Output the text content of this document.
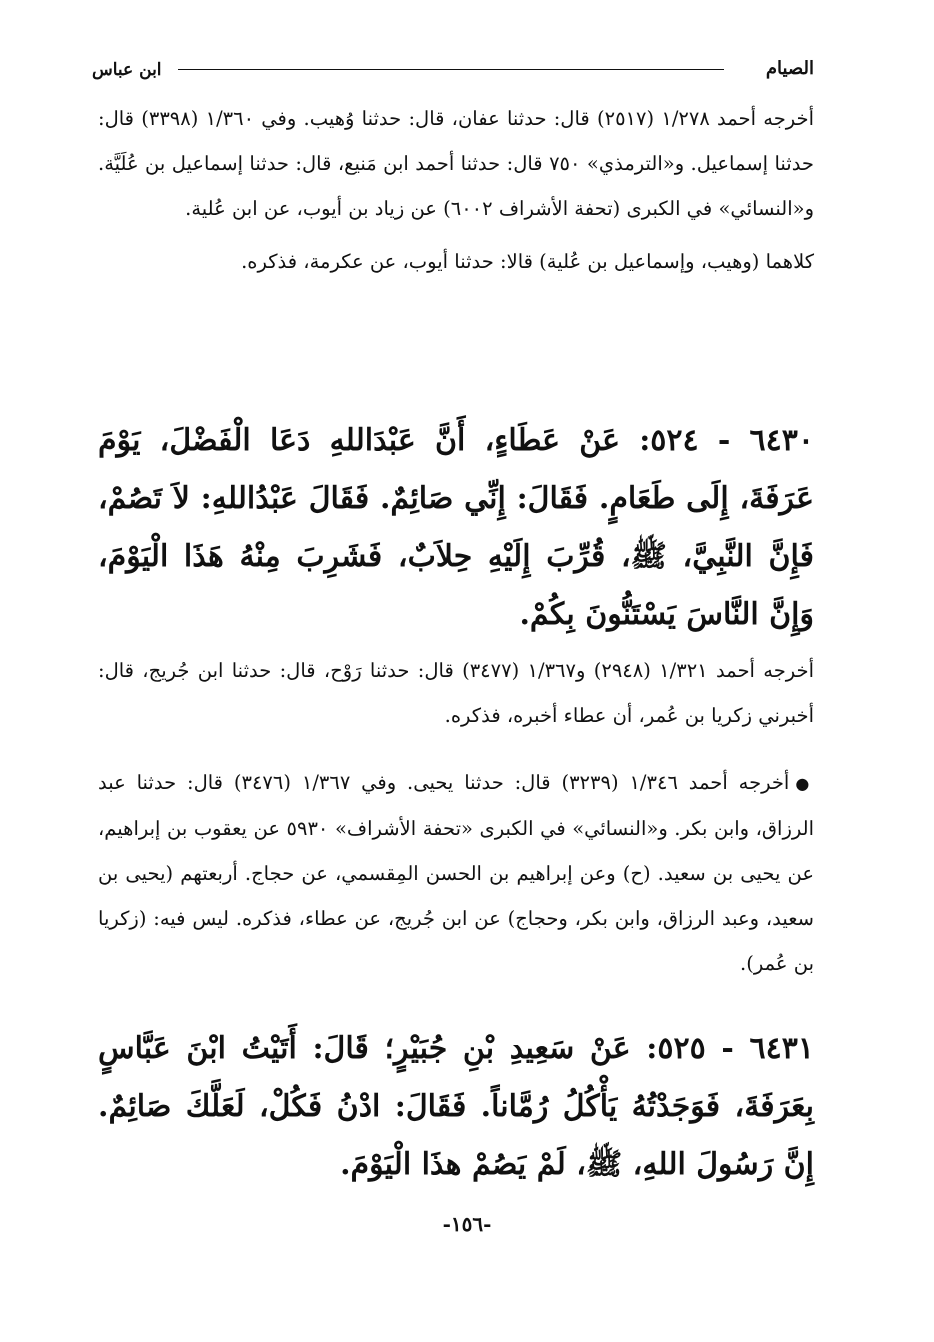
ابن عباس	الصيام

أخرجه أحمد ١/٢٧٨ (٢٥١٧) قال: حدثنا عفان، قال: حدثنا وُهيب. وفي ١/٣٦٠ (٣٣٩٨) قال: حدثنا إسماعيل. و«الترمذي» ٧٥٠ قال: حدثنا أحمد ابن مَنيع، قال: حدثنا إسماعيل بن عُلَيَّة. و«النسائي» في الكبرى (تحفة الأشراف ٦٠٠٢) عن زياد بن أيوب، عن ابن عُلية.

كلاهما (وهيب، وإسماعيل بن عُلية) قالا: حدثنا أيوب، عن عكرمة، فذكره.

٦٤٣٠ - ٥٢٤: عَنْ عَطَاءٍ، أَنَّ عَبْدَاللهِ دَعَا الْفَضْلَ، يَوْمَ عَرَفَةَ، إِلَى طَعَامٍ. فَقَالَ: إِنِّي صَائِمٌ. فَقَالَ عَبْدُاللهِ: لاَ تَصُمْ، فَإِنَّ النَّبِيَّ، ﷺ، قُرِّبَ إِلَيْهِ حِلاَبٌ، فَشَرِبَ مِنْهُ هَذَا الْيَوْمَ، وَإِنَّ النَّاسَ يَسْتَنُّونَ بِكُمْ.

أخرجه أحمد ١/٣٢١ (٢٩٤٨) و١/٣٦٧ (٣٤٧٧) قال: حدثنا رَوْح، قال: حدثنا ابن جُريج، قال: أخبرني زكريا بن عُمر، أن عطاء أخبره، فذكره.

●أخرجه أحمد ١/٣٤٦ (٣٢٣٩) قال: حدثنا يحيى. وفي ١/٣٦٧ (٣٤٧٦) قال: حدثنا عبد الرزاق، وابن بكر. و«النسائي» في الكبرى «تحفة الأشراف» ٥٩٣٠ عن يعقوب بن إبراهيم، عن يحيى بن سعيد. (ح) وعن إبراهيم بن الحسن المِقسمي، عن حجاج. أربعتهم (يحيى بن سعيد، وعبد الرزاق، وابن بكر، وحجاج) عن ابن جُريج، عن عطاء، فذكره. ليس فيه: (زكريا بن عُمر).

٦٤٣١ - ٥٢٥: عَنْ سَعِيدِ بْنِ جُبَيْرٍ؛ قَالَ: أَتَيْتُ ابْنَ عَبَّاسٍ بِعَرَفَةَ، فَوَجَدْتُهُ يَأْكُلُ رُمَّاناً. فَقَالَ: ادْنُ فَكُلْ، لَعَلَّكَ صَائِمٌ. إِنَّ رَسُولَ اللهِ، ﷺ، لَمْ يَصُمْ هذَا الْيَوْمَ.

-١٥٦-
